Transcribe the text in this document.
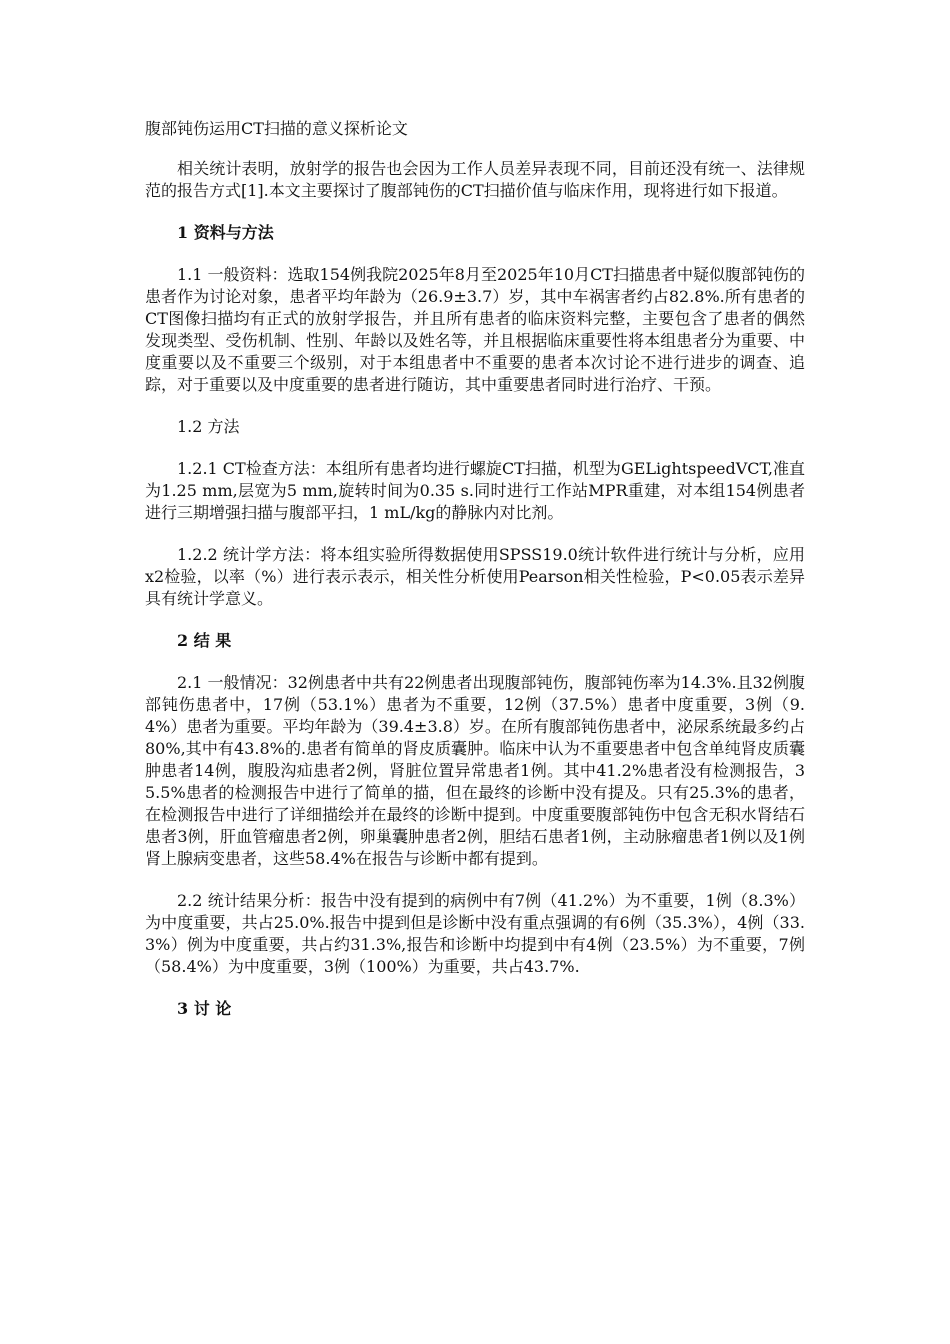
腹部钝伤运用CT扫描的意义探析论文

相关统计表明，放射学的报告也会因为工作人员差异表现不同，目前还没有统一、法律规范的报告方式[1].本文主要探讨了腹部钝伤的CT扫描价值与临床作用，现将进行如下报道。

1 资料与方法

1.1 一般资料：选取154例我院2025年8月至2025年10月CT扫描患者中疑似腹部钝伤的患者作为讨论对象，患者平均年龄为（26.9±3.7）岁，其中车祸害者约占82.8%.所有患者的CT图像扫描均有正式的放射学报告，并且所有患者的临床资料完整，主要包含了患者的偶然发现类型、受伤机制、性别、年龄以及姓名等，并且根据临床重要性将本组患者分为重要、中度重要以及不重要三个级别，对于本组患者中不重要的患者本次讨论不进行进步的调查、追踪，对于重要以及中度重要的患者进行随访，其中重要患者同时进行治疗、干预。

1.2 方法

1.2.1 CT检查方法：本组所有患者均进行螺旋CT扫描，机型为GELightspeedVCT,准直为1.25 mm,层宽为5 mm,旋转时间为0.35 s.同时进行工作站MPR重建，对本组154例患者进行三期增强扫描与腹部平扫，1 mL/kg的静脉内对比剂。

1.2.2 统计学方法：将本组实验所得数据使用SPSS19.0统计软件进行统计与分析，应用 x2检验，以率（%）进行表示表示，相关性分析使用Pearson相关性检验，P<0.05表示差异具有统计学意义。

2 结 果

2.1 一般情况：32例患者中共有22例患者出现腹部钝伤，腹部钝伤率为14.3%.且32例腹部钝伤患者中，17例（53.1%）患者为不重要，12例（37.5%）患者中度重要，3例（9.4%）患者为重要。平均年龄为（39.4±3.8）岁。在所有腹部钝伤患者中，泌尿系统最多约占80%,其中有43.8%的.患者有简单的肾皮质囊肿。临床中认为不重要患者中包含单纯肾皮质囊肿患者14例，腹股沟疝患者2例，肾脏位置异常患者1例。其中41.2%患者没有检测报告，35.5%患者的检测报告中进行了简单的描，但在最终的诊断中没有提及。只有25.3%的患者，在检测报告中进行了详细描绘并在最终的诊断中提到。中度重要腹部钝伤中包含无积水肾结石患者3例，肝血管瘤患者2例，卵巢囊肿患者2例，胆结石患者1例，主动脉瘤患者1例以及1例肾上腺病变患者，这些58.4%在报告与诊断中都有提到。

2.2 统计结果分析：报告中没有提到的病例中有7例（41.2%）为不重要，1例（8.3%）为中度重要，共占25.0%.报告中提到但是诊断中没有重点强调的有6例（35.3%），4例（33.3%）例为中度重要，共占约31.3%,报告和诊断中均提到中有4例（23.5%）为不重要，7例（58.4%）为中度重要，3例（100%）为重要，共占43.7%.

3 讨 论
